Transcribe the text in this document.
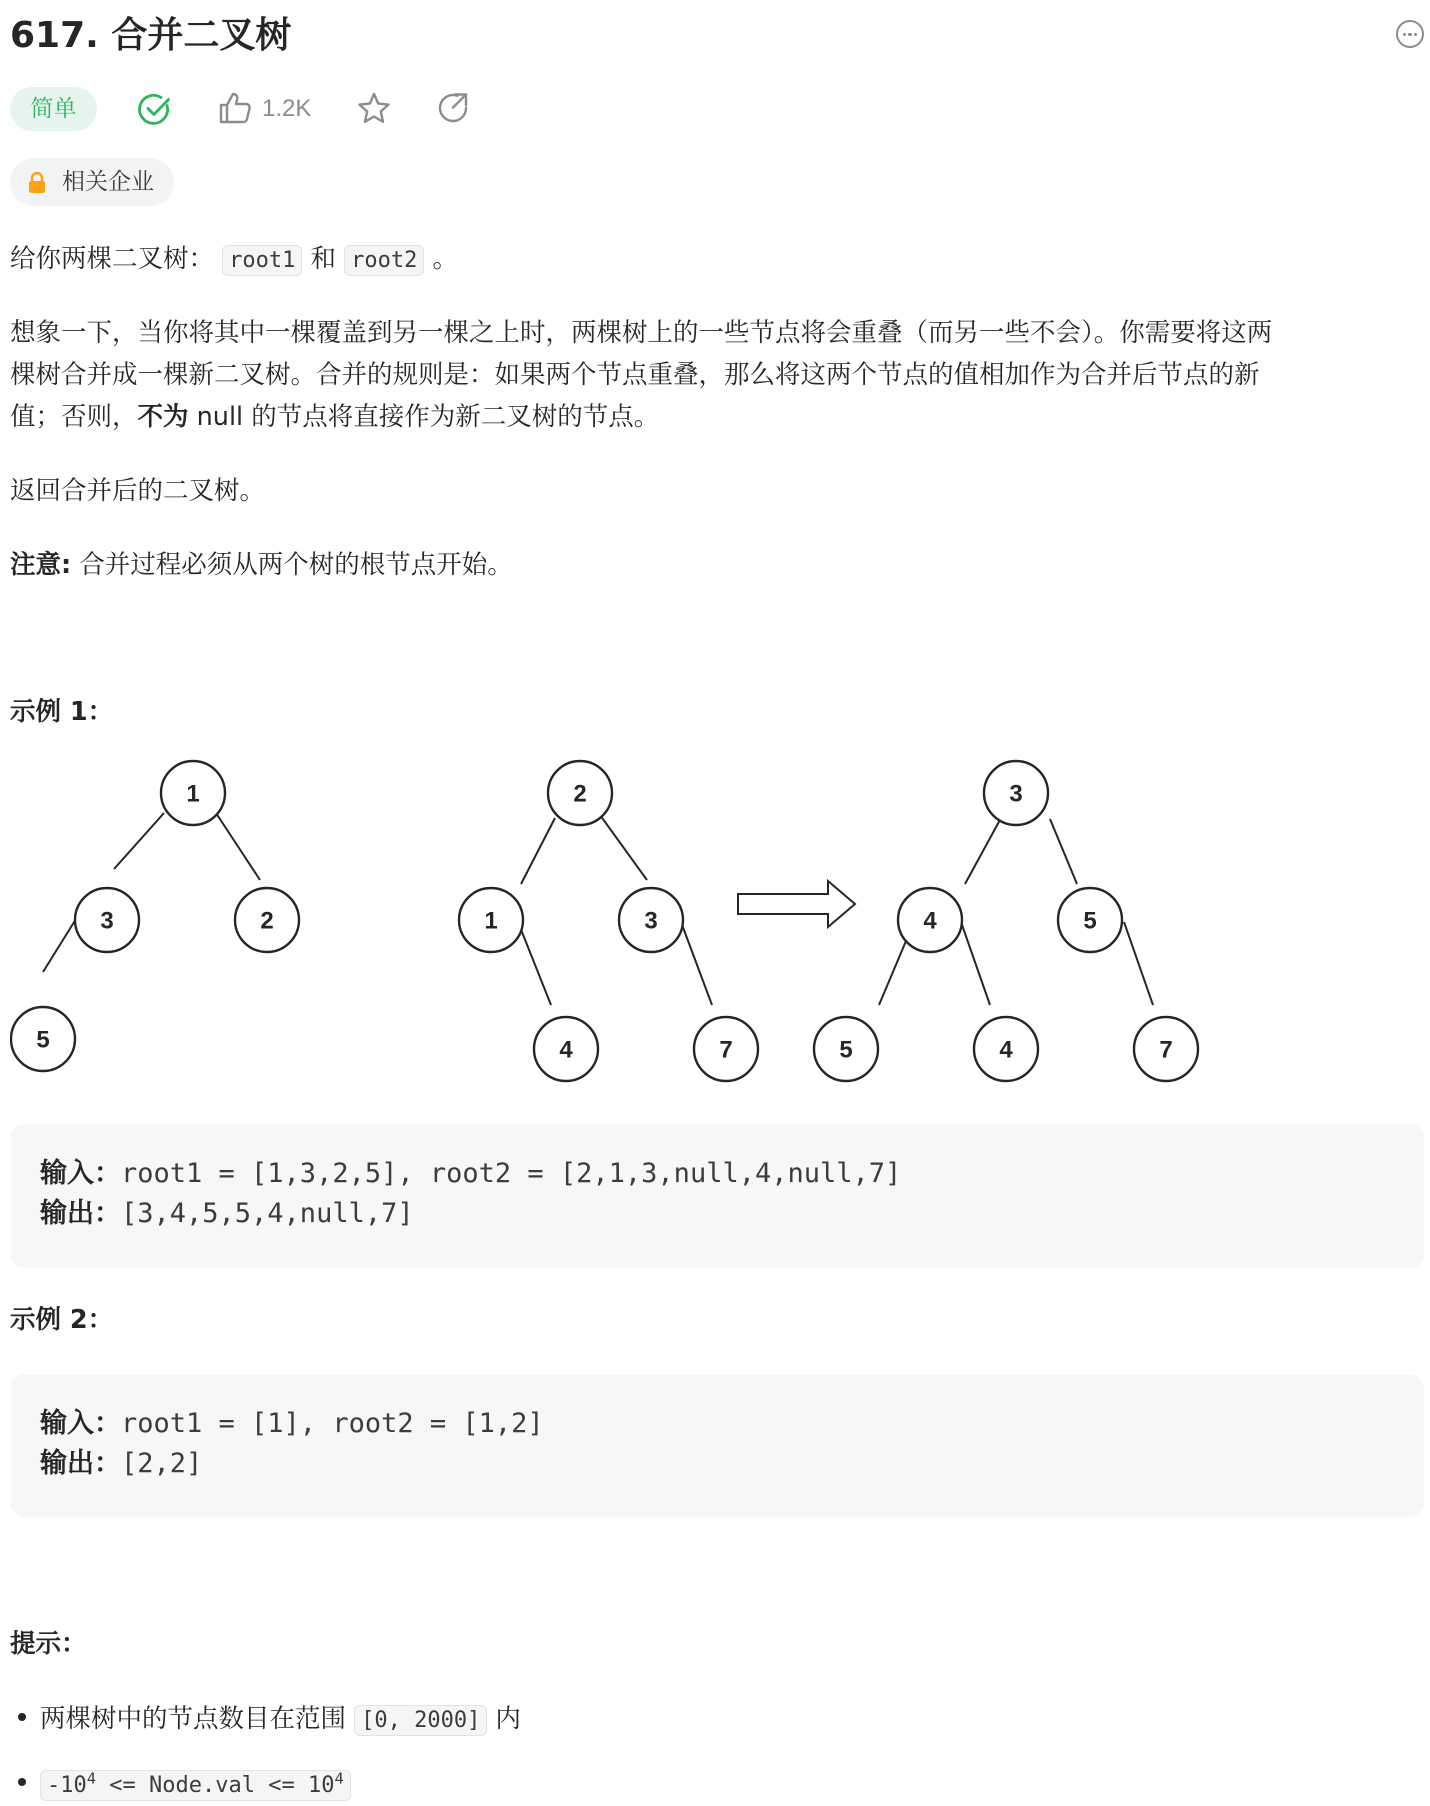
617. 合并二叉树
简单	1.2K
相关企业
给你两棵二叉树： root1 和 root2 。
想象一下，当你将其中一棵覆盖到另一棵之上时，两棵树上的一些节点将会重叠（而另一些不会）。你需要将这两
棵树合并成一棵新二叉树。合并的规则是：如果两个节点重叠，那么将这两个节点的值相加作为合并后节点的新
值；否则，不为 null 的节点将直接作为新二叉树的节点。
返回合并后的二叉树。
注意: 合并过程必须从两个树的根节点开始。
示例 1：
1
3	2
5
2
1	3
4	7
3
4	5
5	4	7
输入：root1 = [1,3,2,5], root2 = [2,1,3,null,4,null,7]
输出：[3,4,5,5,4,null,7]
示例 2：
输入：root1 = [1], root2 = [1,2]
输出：[2,2]
提示：
两棵树中的节点数目在范围 [0, 2000] 内
$-10^4$ <= Node.val <= $10^4$
